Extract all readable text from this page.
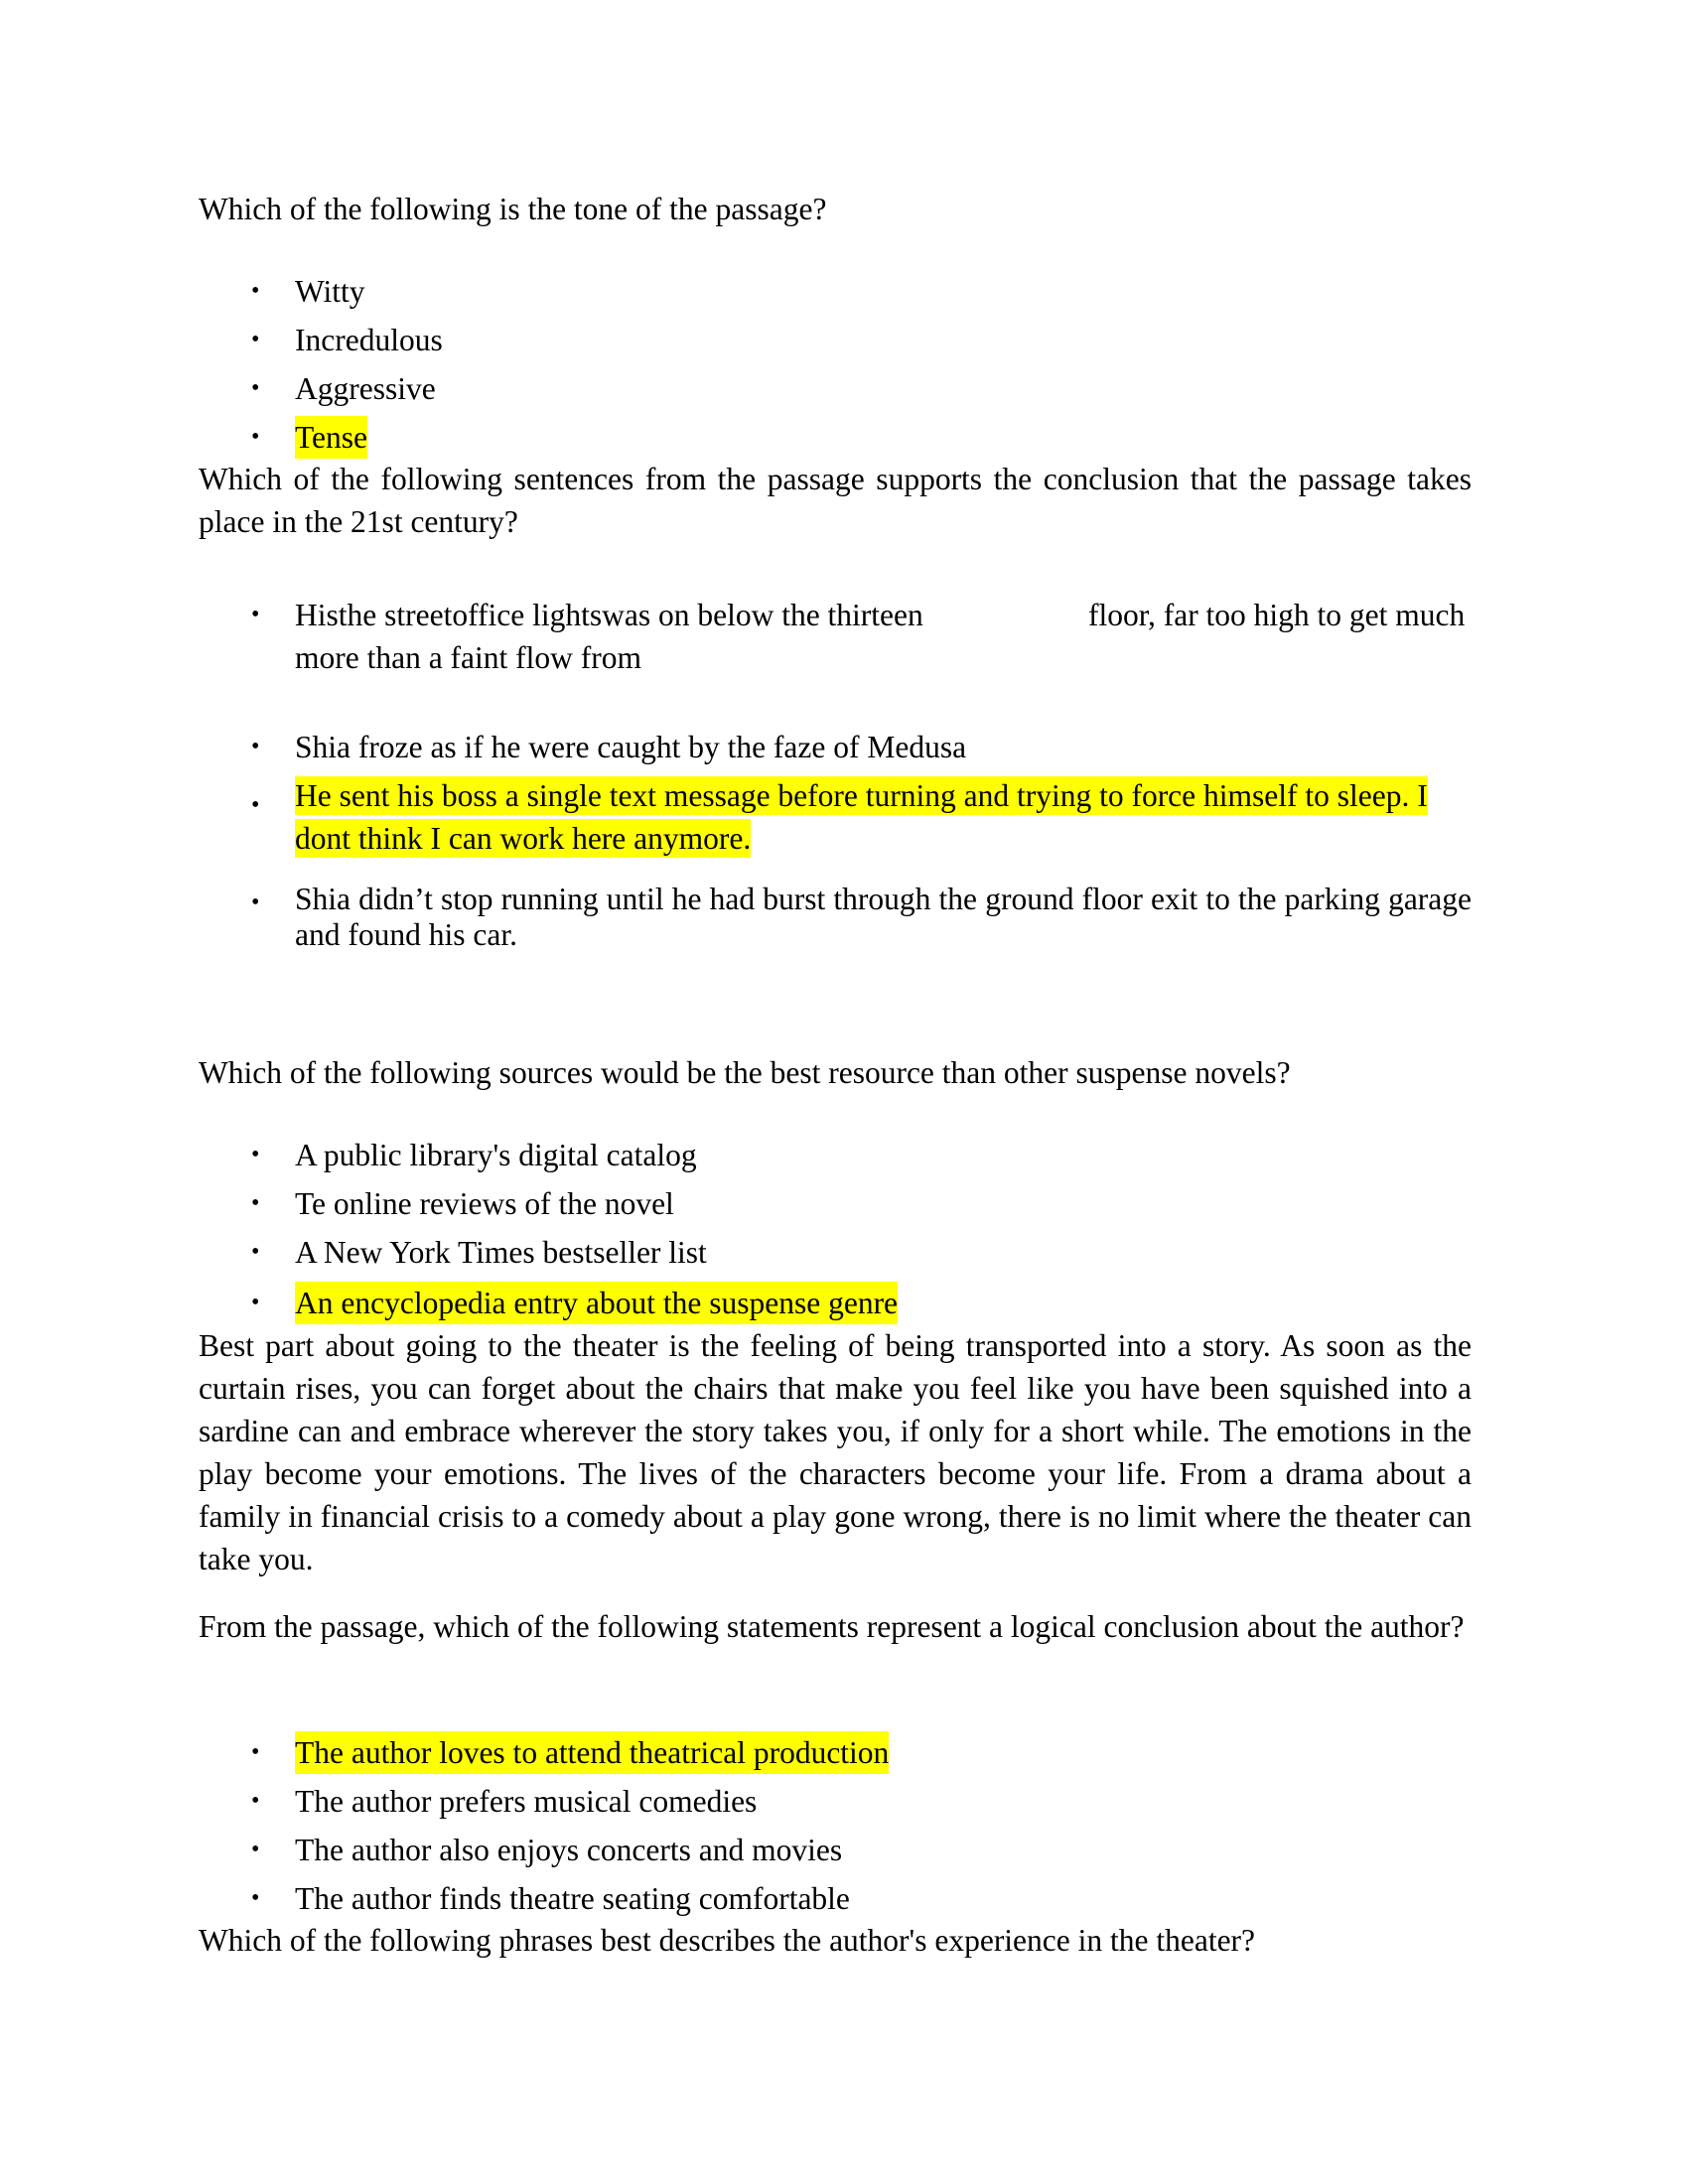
Which of the following is the tone of the passage?

• Witty
• Incredulous
• Aggressive
• Tense

Which of the following sentences from the passage supports the conclusion that the passage takes place in the 21st century?

• Histhe streetoffice lightswas on below the thirteen	floor, far too high to get much
more than a faint flow from
• Shia froze as if he were caught by the faze of Medusa
• He sent his boss a single text message before turning and trying to force himself to sleep. I dont think I can work here anymore.
• Shia didn’t stop running until he had burst through the ground floor exit to the parking garage and found his car.

Which of the following sources would be the best resource than other suspense novels?

• A public library's digital catalog
• Te online reviews of the novel
• A New York Times bestseller list
• An encyclopedia entry about the suspense genre

Best part about going to the theater is the feeling of being transported into a story. As soon as the curtain rises, you can forget about the chairs that make you feel like you have been squished into a sardine can and embrace wherever the story takes you, if only for a short while. The emotions in the play become your emotions. The lives of the characters become your life. From a drama about a family in financial crisis to a comedy about a play gone wrong, there is no limit where the theater can take you.

From the passage, which of the following statements represent a logical conclusion about the author?

• The author loves to attend theatrical production
• The author prefers musical comedies
• The author also enjoys concerts and movies
• The author finds theatre seating comfortable

Which of the following phrases best describes the author's experience in the theater?
